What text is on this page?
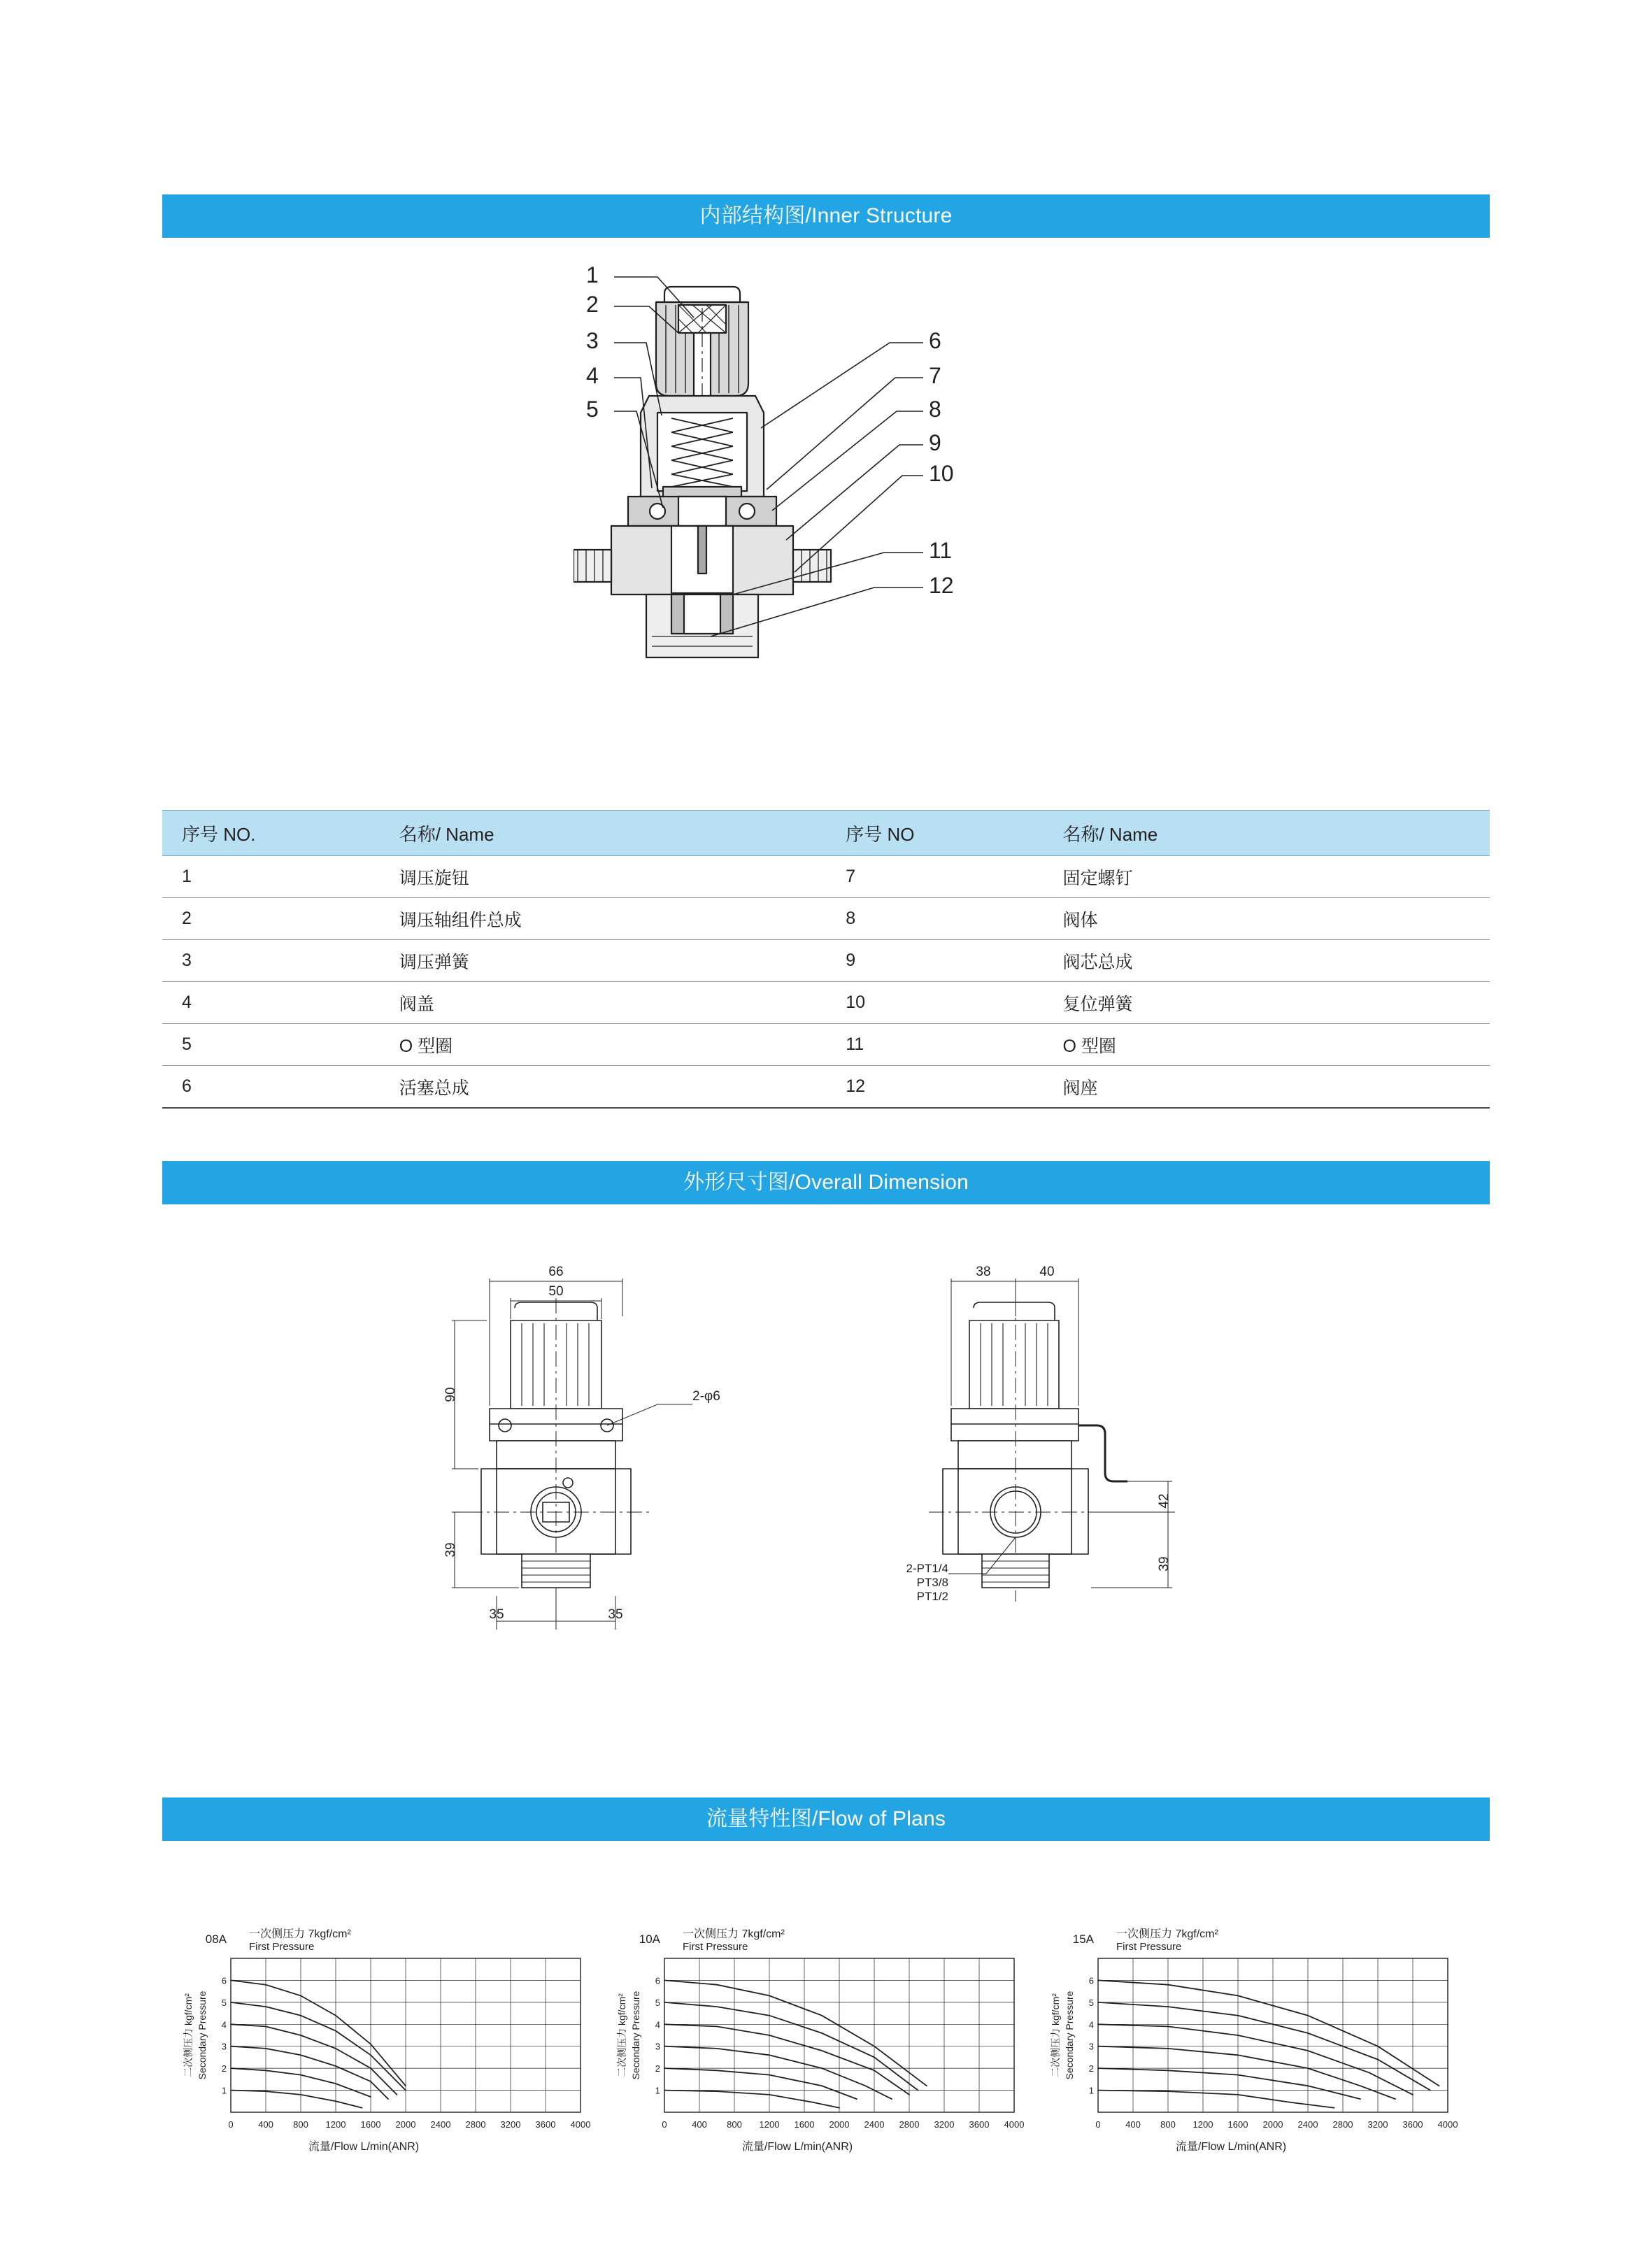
内部结构图/Inner Structure
1
2
3
4
5
6
7
8
9
10
11
12
序号 NO.	名称/ Name	序号 NO	名称/ Name
1	调压旋钮	7	固定螺钉
2	调压轴组件总成	8	阀体
3	调压弹簧	9	阀芯总成
4	阀盖	10	复位弹簧
5	O 型圈	11	O 型圈
6	活塞总成	12	阀座
外形尺寸图/Overall Dimension
66
50
2-φ6
35
35
90
39
38	40
42
39
2-PT1/4
PT3/8
PT1/2
流量特性图/Flow of Plans
1
2
3
4
5
6
0	400 800 1200 1600 2000 2400 2800 3200 3600 4000
二次侧压力 kgf/cm² Secondary Pressure
流量/Flow L/min(ANR)
08A 一次侧压力 7kgf/cm²
First Pressure
1
2
3
4
5
6
0	400 800 1200 1600 2000 2400 2800 3200 3600 4000
二次侧压力 kgf/cm² Secondary Pressure
流量/Flow L/min(ANR)
10A 一次侧压力 7kgf/cm²
First Pressure
1
2
3
4
5
6
0	400 800 1200 1600 2000 2400 2800 3200 3600 4000
二次侧压力 kgf/cm² Secondary Pressure
流量/Flow L/min(ANR)
15A 一次侧压力 7kgf/cm²
First Pressure
